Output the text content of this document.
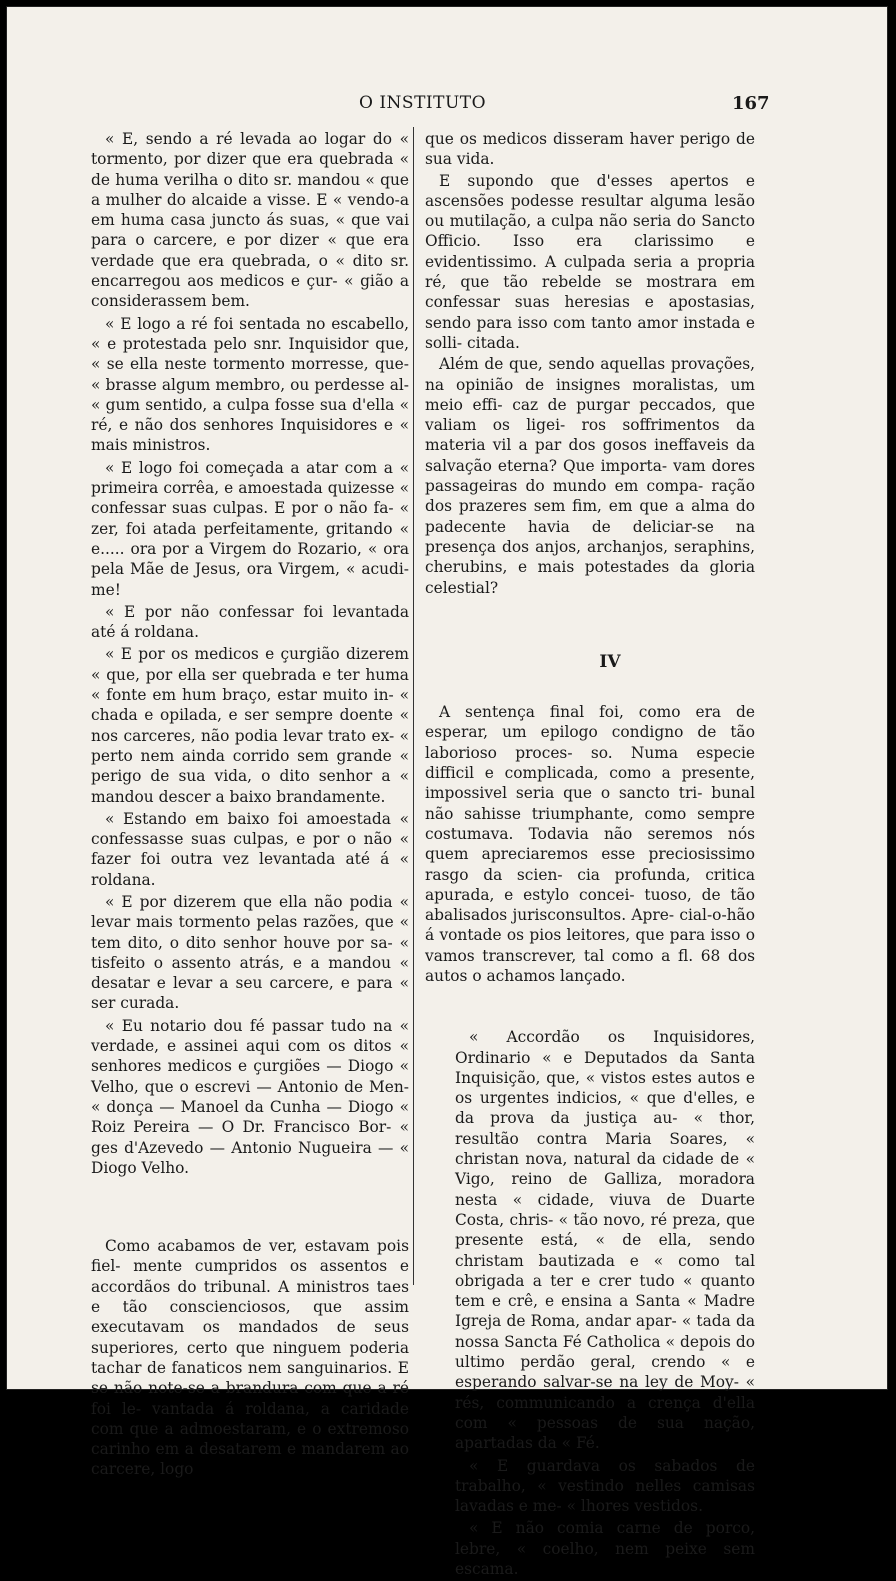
O INSTITUTO	167

« E, sendo a ré levada ao logar do « tormento, por dizer que era quebrada « de huma verilha o dito sr. mandou « que a mulher do alcaide a visse. E « vendo-a em huma casa juncto ás suas, « que vai para o carcere, e por dizer « que era verdade que era quebrada, o « dito sr. encarregou aos medicos e çur- « gião a considerassem bem.

« E logo a ré foi sentada no escabello, « e protestada pelo snr. Inquisidor que, « se ella neste tormento morresse, que- « brasse algum membro, ou perdesse al- « gum sentido, a culpa fosse sua d'ella « ré, e não dos senhores Inquisidores e « mais ministros.

« E logo foi começada a atar com a « primeira corrêa, e amoestada quizesse « confessar suas culpas. E por o não fa- « zer, foi atada perfeitamente, gritando « e..... ora por a Virgem do Rozario, « ora pela Mãe de Jesus, ora Virgem, « acudi-me!

« E por não confessar foi levantada até á roldana.

« E por os medicos e çurgião dizerem « que, por ella ser quebrada e ter huma « fonte em hum braço, estar muito in- « chada e opilada, e ser sempre doente « nos carceres, não podia levar trato ex- « perto nem ainda corrido sem grande « perigo de sua vida, o dito senhor a « mandou descer a baixo brandamente.

« Estando em baixo foi amoestada « confessasse suas culpas, e por o não « fazer foi outra vez levantada até á « roldana.

« E por dizerem que ella não podia « levar mais tormento pelas razões, que « tem dito, o dito senhor houve por sa- « tisfeito o assento atrás, e a mandou « desatar e levar a seu carcere, e para « ser curada.

« Eu notario dou fé passar tudo na « verdade, e assinei aqui com os ditos « senhores medicos e çurgiões — Diogo « Velho, que o escrevi — Antonio de Men- « donça — Manoel da Cunha — Diogo « Roiz Pereira — O Dr. Francisco Bor- « ges d'Azevedo — Antonio Nugueira — « Diogo Velho.

Como acabamos de ver, estavam pois fiel- mente cumpridos os assentos e accordãos do tribunal. A ministros taes e tão conscienciosos, que assim executavam os mandados de seus superiores, certo que ninguem poderia tachar de fanaticos nem sanguinarios. E se não note-se a brandura com que a ré foi le- vantada á roldana, a caridade com que a admoestaram, e o extremoso carinho em a desatarem e mandarem ao carcere, logo

que os medicos disseram haver perigo de sua vida.

E supondo que d'esses apertos e ascensões podesse resultar alguma lesão ou mutilação, a culpa não seria do Sancto Officio. Isso era clarissimo e evidentissimo. A culpada seria a propria ré, que tão rebelde se mostrara em confessar suas heresias e apostasias, sendo para isso com tanto amor instada e solli- citada.

Além de que, sendo aquellas provações, na opinião de insignes moralistas, um meio effi- caz de purgar peccados, que valiam os ligei- ros soffrimentos da materia vil a par dos gosos ineffaveis da salvação eterna? Que importa- vam dores passageiras do mundo em compa- ração dos prazeres sem fim, em que a alma do padecente havia de deliciar-se na presença dos anjos, archanjos, seraphins, cherubins, e mais potestades da gloria celestial?

IV

A sentença final foi, como era de esperar, um epilogo condigno de tão laborioso proces- so. Numa especie difficil e complicada, como a presente, impossivel seria que o sancto tri- bunal não sahisse triumphante, como sempre costumava. Todavia não seremos nós quem apreciaremos esse preciosissimo rasgo da scien- cia profunda, critica apurada, e estylo concei- tuoso, de tão abalisados jurisconsultos. Apre- cial-o-hão á vontade os pios leitores, que para isso o vamos transcrever, tal como a fl. 68 dos autos o achamos lançado.

« Accordão os Inquisidores, Ordinario « e Deputados da Santa Inquisição, que, « vistos estes autos e os urgentes indicios, « que d'elles, e da prova da justiça au- « thor, resultão contra Maria Soares, « christan nova, natural da cidade de « Vigo, reino de Galliza, moradora nesta « cidade, viuva de Duarte Costa, chris- « tão novo, ré preza, que presente está, « de ella, sendo christam bautizada e « como tal obrigada a ter e crer tudo « quanto tem e crê, e ensina a Santa « Madre Igreja de Roma, andar apar- « tada da nossa Sancta Fé Catholica « depois do ultimo perdão geral, crendo « e esperando salvar-se na ley de Moy- « rés, communicando a crença d'ella com « pessoas de sua nação, apartadas da « Fé.

« E guardava os sabados de trabalho, « vestindo nelles camisas lavadas e me- « lhores vestidos.

« E não comia carne de porco, lebre, « coelho, nem peixe sem escama.
